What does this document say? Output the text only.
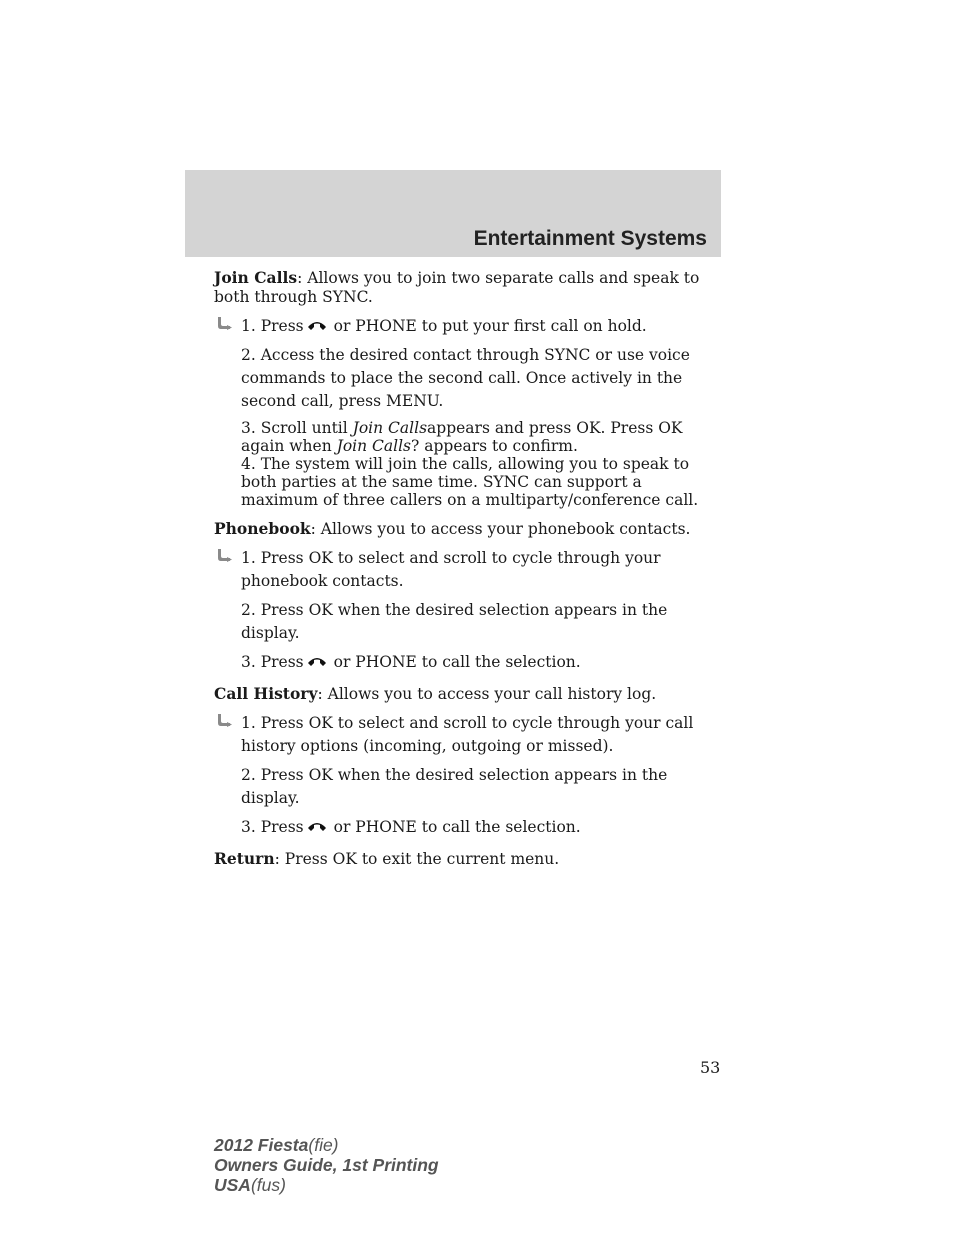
Entertainment Systems

Join Calls: Allows you to join two separate calls and speak to both through SYNC.

1. Press or PHONE to put your first call on hold.

2. Access the desired contact through SYNC or use voice commands to place the second call. Once actively in the second call, press MENU.

3. Scroll until Join Callsappears and press OK. Press OK again when Join Calls? appears to confirm.

4. The system will join the calls, allowing you to speak to both parties at the same time. SYNC can support a maximum of three callers on a multiparty/conference call.

Phonebook: Allows you to access your phonebook contacts.

1. Press OK to select and scroll to cycle through your phonebook contacts.

2. Press OK when the desired selection appears in the display.

3. Press or PHONE to call the selection.

Call History: Allows you to access your call history log.

1. Press OK to select and scroll to cycle through your call history options (incoming, outgoing or missed).

2. Press OK when the desired selection appears in the display.

3. Press or PHONE to call the selection.

Return: Press OK to exit the current menu.

53
2012 Fiesta(fie)
Owners Guide, 1st Printing
USA(fus)
